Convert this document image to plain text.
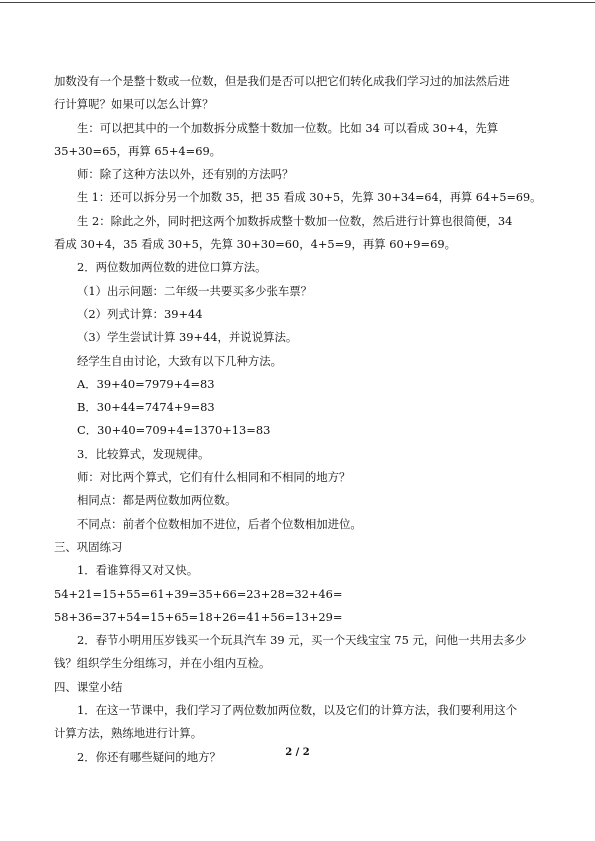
加数没有一个是整十数或一位数，但是我们是否可以把它们转化成我们学习过的加法然后进

行计算呢？如果可以怎么计算？

生：可以把其中的一个加数拆分成整十数加一位数。比如 34 可以看成 30+4，先算

35+30=65，再算 65+4=69。

师：除了这种方法以外，还有别的方法吗？

生 1：还可以拆分另一个加数 35，把 35 看成 30+5，先算 30+34=64，再算 64+5=69。

生 2：除此之外，同时把这两个加数拆成整十数加一位数，然后进行计算也很简便，34

看成 30+4，35 看成 30+5，先算 30+30=60，4+5=9，再算 60+9=69。

2．两位数加两位数的进位口算方法。

（1）出示问题：二年级一共要买多少张车票？

（2）列式计算：39+44

（3）学生尝试计算 39+44，并说说算法。

经学生自由讨论，大致有以下几种方法。

A．39+40=7979+4=83

B．30+44=7474+9=83

C．30+40=709+4=1370+13=83

3．比较算式，发现规律。

师：对比两个算式，它们有什么相同和不相同的地方？

相同点：都是两位数加两位数。

不同点：前者个位数相加不进位，后者个位数相加进位。

三、巩固练习

1．看谁算得又对又快。

54+21=15+55=61+39=35+66=23+28=32+46=

58+36=37+54=15+65=18+26=41+56=13+29=

2．春节小明用压岁钱买一个玩具汽车 39 元，买一个天线宝宝 75 元，问他一共用去多少

钱？组织学生分组练习，并在小组内互检。

四、课堂小结

1．在这一节课中，我们学习了两位数加两位数，以及它们的计算方法，我们要利用这个

计算方法，熟练地进行计算。

2．你还有哪些疑问的地方？	2 / 2
